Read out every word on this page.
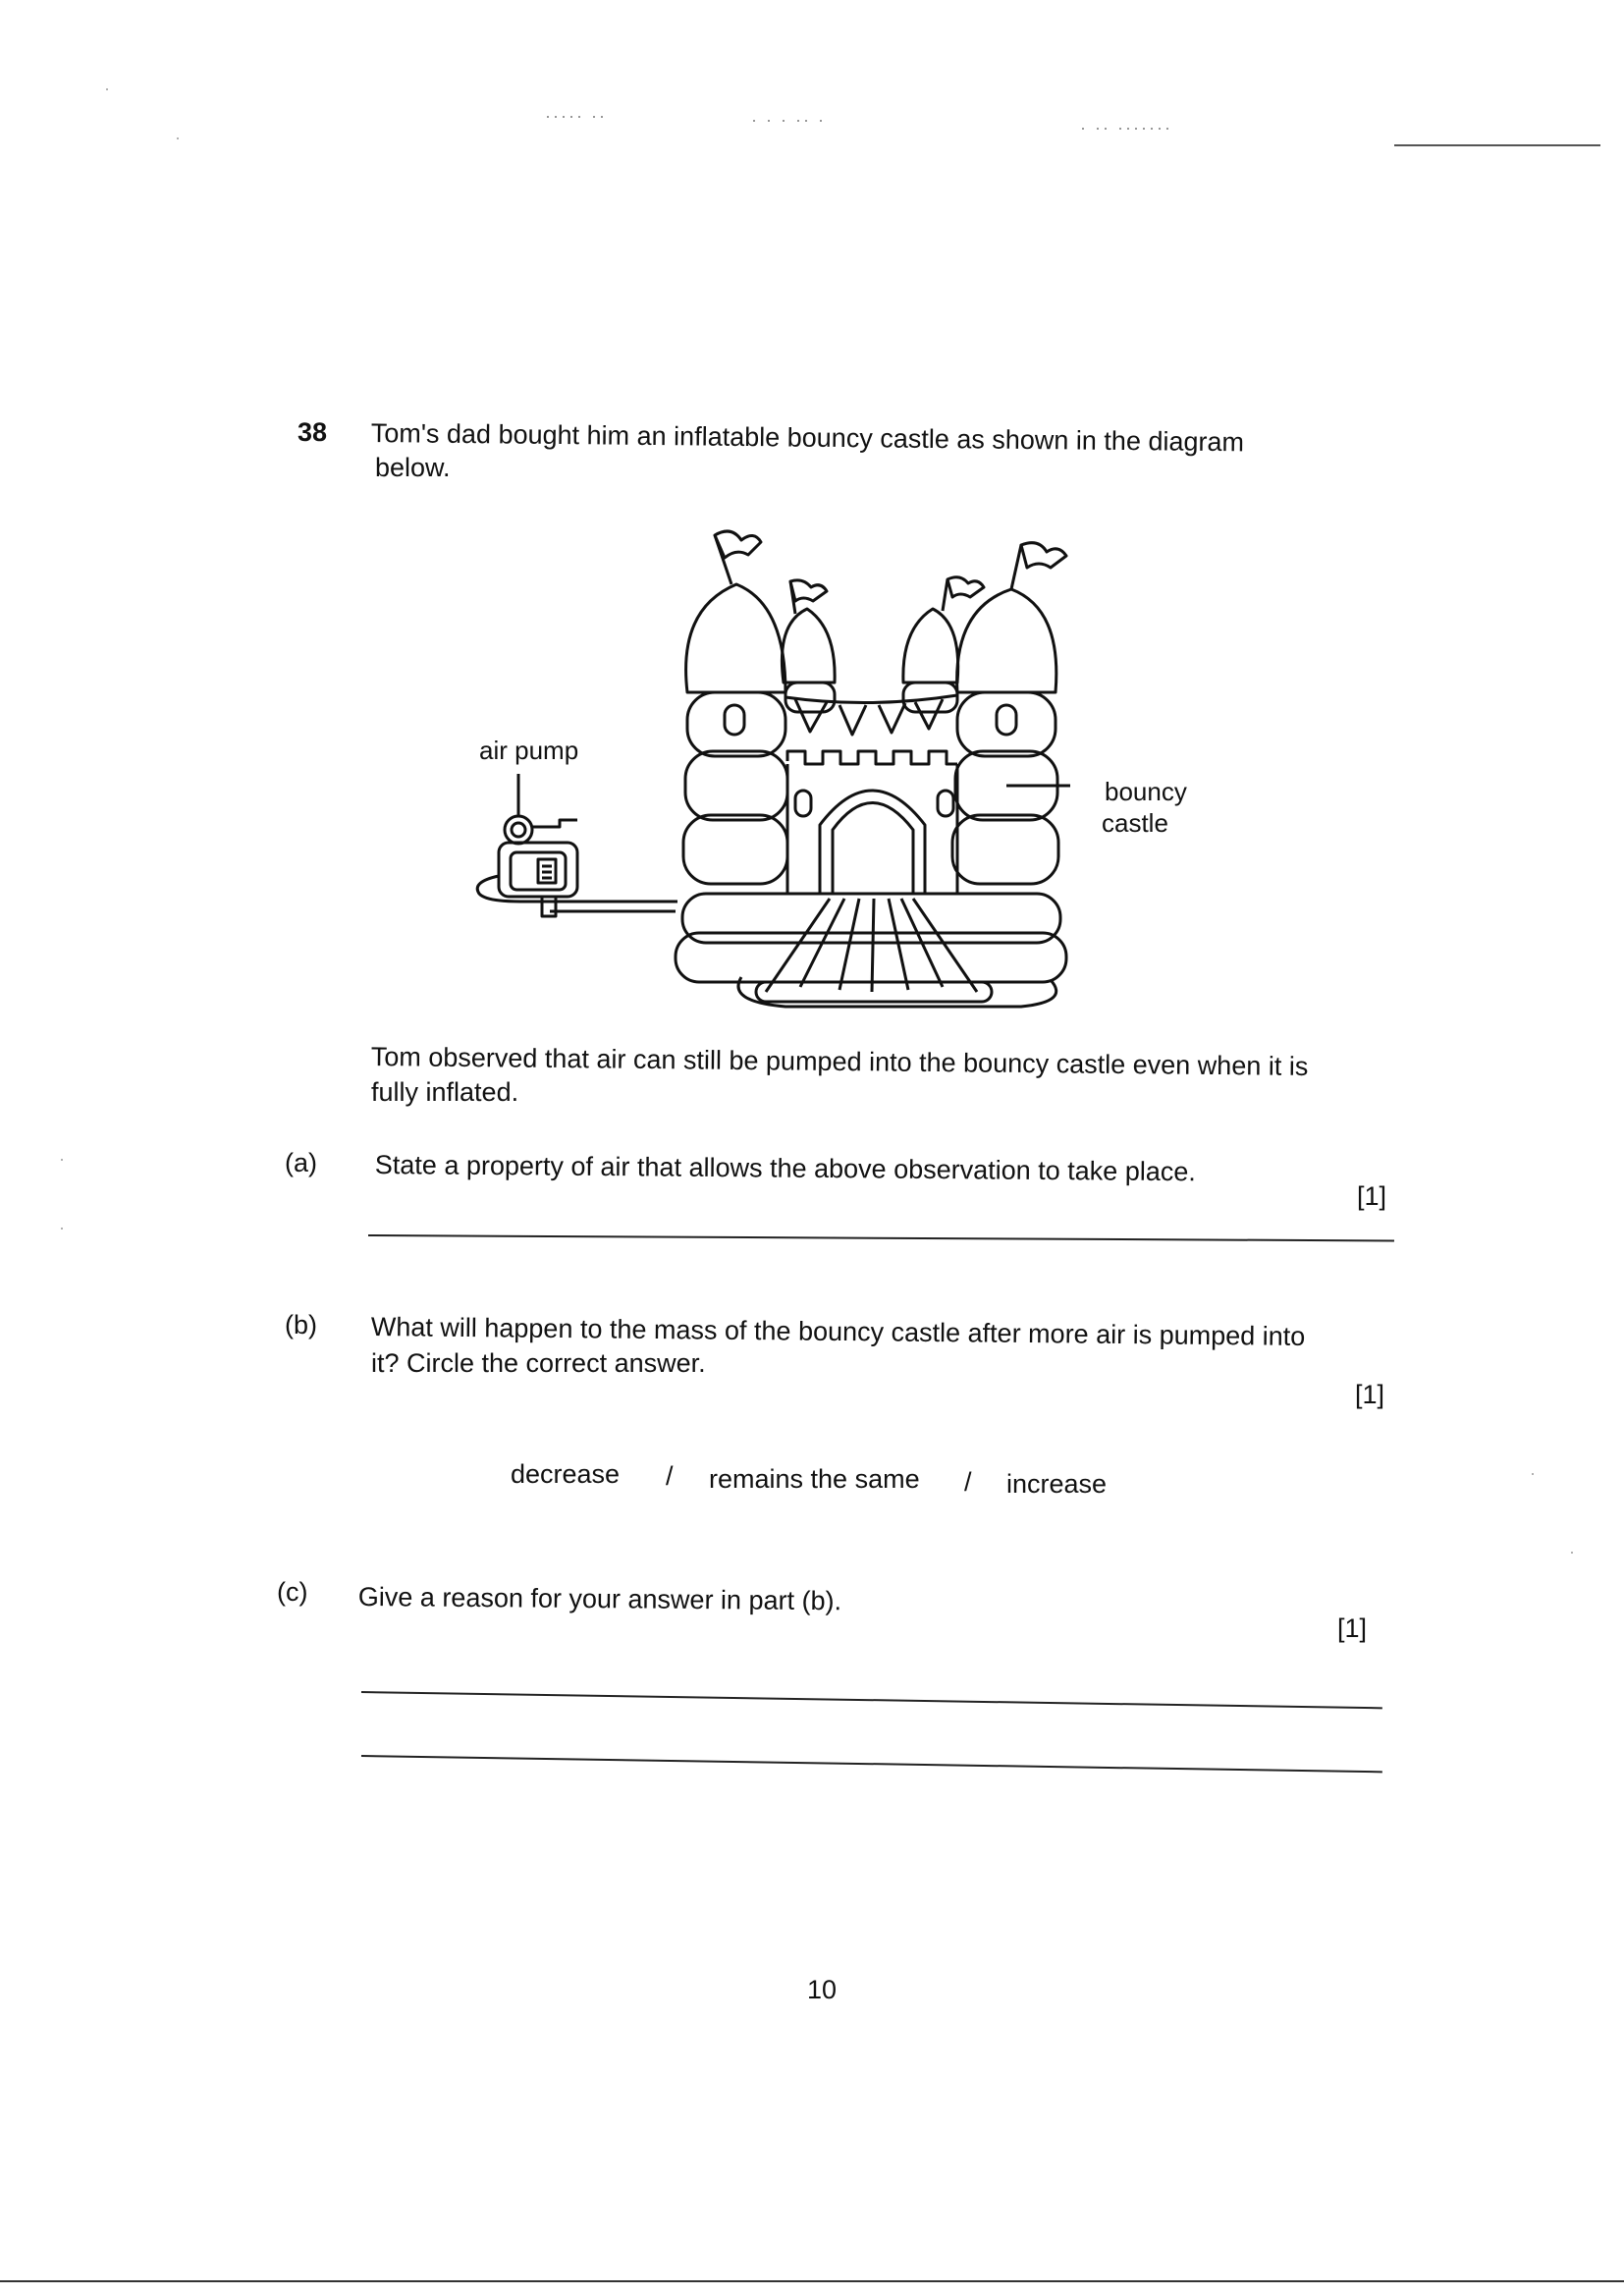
····· ··	· · · ·· ·	· ·· ·······
38 Tom's dad bought him an inflatable bouncy castle as shown in the diagram
below.
air pump
bouncy
castle
Tom observed that air can still be pumped into the bouncy castle even when it is
fully inflated.
(a) State a property of air that allows the above observation to take place.
[1]
(b) What will happen to the mass of the bouncy castle after more air is pumped into
it? Circle the correct answer.
[1]
decrease / remains the same / increase
(c) Give a reason for your answer in part (b).
[1]
10
